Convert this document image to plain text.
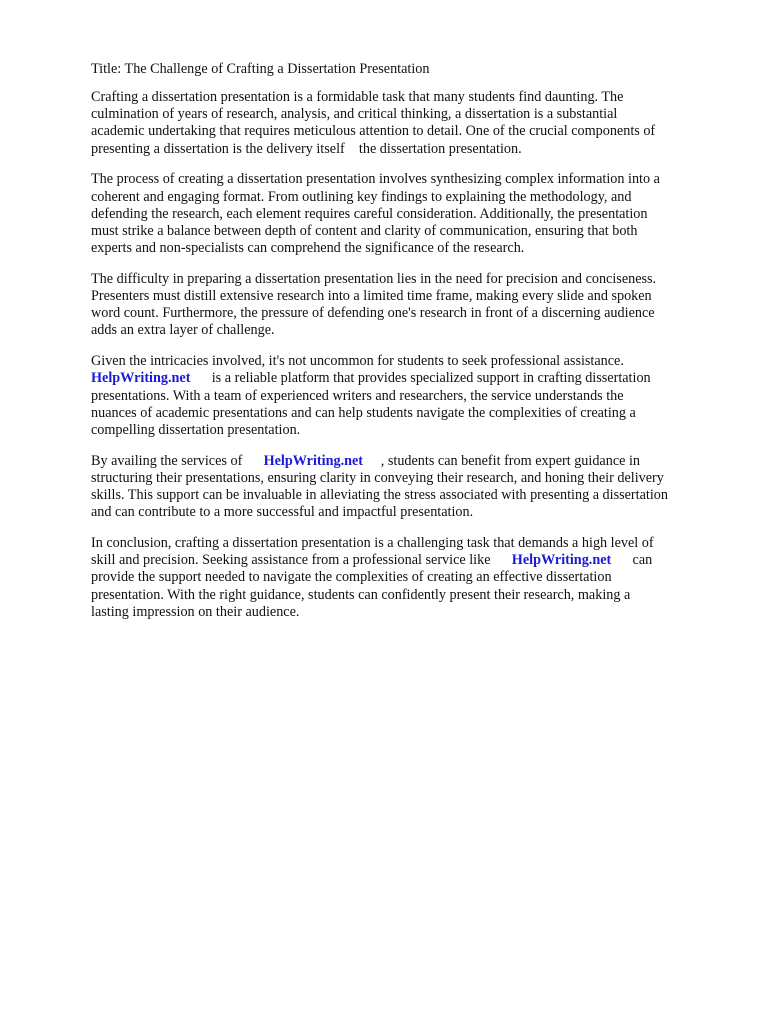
Title: The Challenge of Crafting a Dissertation Presentation
Crafting a dissertation presentation is a formidable task that many students find daunting. The
culmination of years of research, analysis, and critical thinking, a dissertation is a substantial
academic undertaking that requires meticulous attention to detail. One of the crucial components of
presenting a dissertation is the delivery itself    the dissertation presentation.
The process of creating a dissertation presentation involves synthesizing complex information into a
coherent and engaging format. From outlining key findings to explaining the methodology, and
defending the research, each element requires careful consideration. Additionally, the presentation
must strike a balance between depth of content and clarity of communication, ensuring that both
experts and non-specialists can comprehend the significance of the research.
The difficulty in preparing a dissertation presentation lies in the need for precision and conciseness.
Presenters must distill extensive research into a limited time frame, making every slide and spoken
word count. Furthermore, the pressure of defending one's research in front of a discerning audience
adds an extra layer of challenge.
Given the intricacies involved, it's not uncommon for students to seek professional assistance.
HelpWriting.net      is a reliable platform that provides specialized support in crafting dissertation
presentations. With a team of experienced writers and researchers, the service understands the
nuances of academic presentations and can help students navigate the complexities of creating a
compelling dissertation presentation.
By availing the services of      HelpWriting.net     , students can benefit from expert guidance in
structuring their presentations, ensuring clarity in conveying their research, and honing their delivery
skills. This support can be invaluable in alleviating the stress associated with presenting a dissertation
and can contribute to a more successful and impactful presentation.
In conclusion, crafting a dissertation presentation is a challenging task that demands a high level of
skill and precision. Seeking assistance from a professional service like      HelpWriting.net      can
provide the support needed to navigate the complexities of creating an effective dissertation
presentation. With the right guidance, students can confidently present their research, making a
lasting impression on their audience.
